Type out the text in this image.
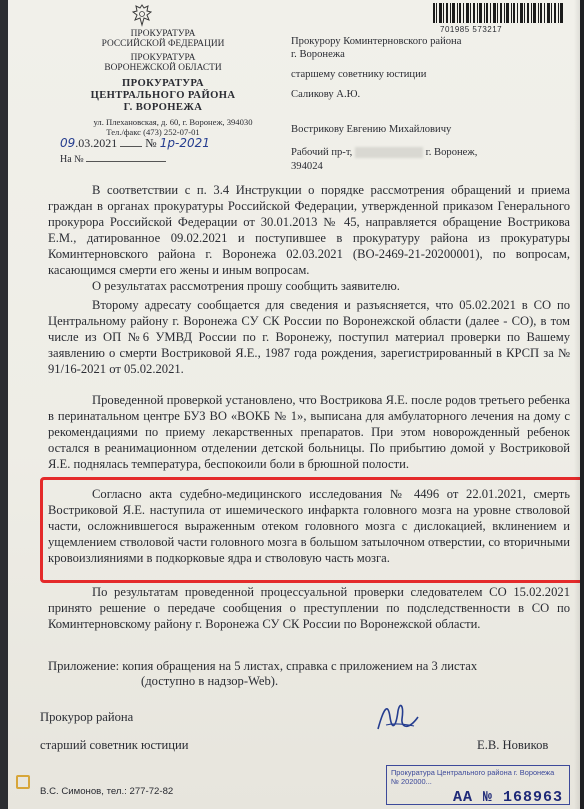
ПРОКУРАТУРА
РОССИЙСКОЙ ФЕДЕРАЦИИ
ПРОКУРАТУРА
ВОРОНЕЖСКОЙ ОБЛАСТИ
ПРОКУРАТУРА
ЦЕНТРАЛЬНОГО РАЙОНА
Г. ВОРОНЕЖА
ул. Плехановская, д. 60, г. Воронеж, 394030
Тел./факс (473) 252-07-01
09.03.2021 № 1р-2021
На №
701985 573217
Прокурору Коминтерновского района
г. Воронежа
старшему советнику юстиции
Саликову А.Ю.
Вострикову Евгению Михайловичу
Рабочий пр-т,	г. Воронеж,
394024

В соответствии с п. 3.4 Инструкции о порядке рассмотрения обращений и приема граждан в органах прокуратуры Российской Федерации, утвержденной приказом Генерального прокурора Российской Федерации от 30.01.2013 № 45, направляется обращение Вострикова Е.М., датированное 09.02.2021 и поступившее в прокуратуру района из прокуратуры Коминтерновского района г. Воронежа 02.03.2021 (ВО-2469-21-20200001), по вопросам, касающимся смерти его жены и иным вопросам.

О результатах рассмотрения прошу сообщить заявителю.

Второму адресату сообщается для сведения и разъясняется, что 05.02.2021 в СО по Центральному району г. Воронежа СУ СК России по Воронежской области (далее - СО), в том числе из ОП №6 УМВД России по г. Воронежу, поступил материал проверки по Вашему заявлению о смерти Востриковой Я.Е., 1987 года рождения, зарегистрированный в КРСП за № 91/16-2021 от 05.02.2021.

Проведенной проверкой установлено, что Вострикова Я.Е. после родов третьего ребенка в перинатальном центре БУЗ ВО «ВОКБ № 1», выписана для амбулаторного лечения на дому с рекомендациями по приему лекарственных препаратов. При этом новорожденный ребенок остался в реанимационном отделении детской больницы. По прибытию домой у Востриковой Я.Е. поднялась температура, беспокоили боли в брюшной полости.

Согласно акта судебно-медицинского исследования № 4496 от 22.01.2021, смерть Востриковой Я.Е. наступила от ишемического инфаркта головного мозга на уровне стволовой части, осложнившегося выраженным отеком головного мозга с дислокацией, вклинением и ущемлением стволовой части головного мозга в большом затылочном отверстии, со вторичными кровоизлияниями в подкорковые ядра и стволовую часть мозга.

По результатам проведенной процессуальной проверки следователем СО 15.02.2021 принято решение о передаче сообщения о преступлении по подследственности в СО по Коминтерновскому району г. Воронежа СУ СК России по Воронежской области.

Приложение: копия обращения на 5 листах, справка с приложением на 3 листах

(доступно в надзор-Web).

Прокурор района
старший советник юстиции	Е.В. Новиков
В.С. Симонов, тел.: 277-72-82
Прокуратура Центрального района г. Воронежа
№ 202000...
АА № 168963
